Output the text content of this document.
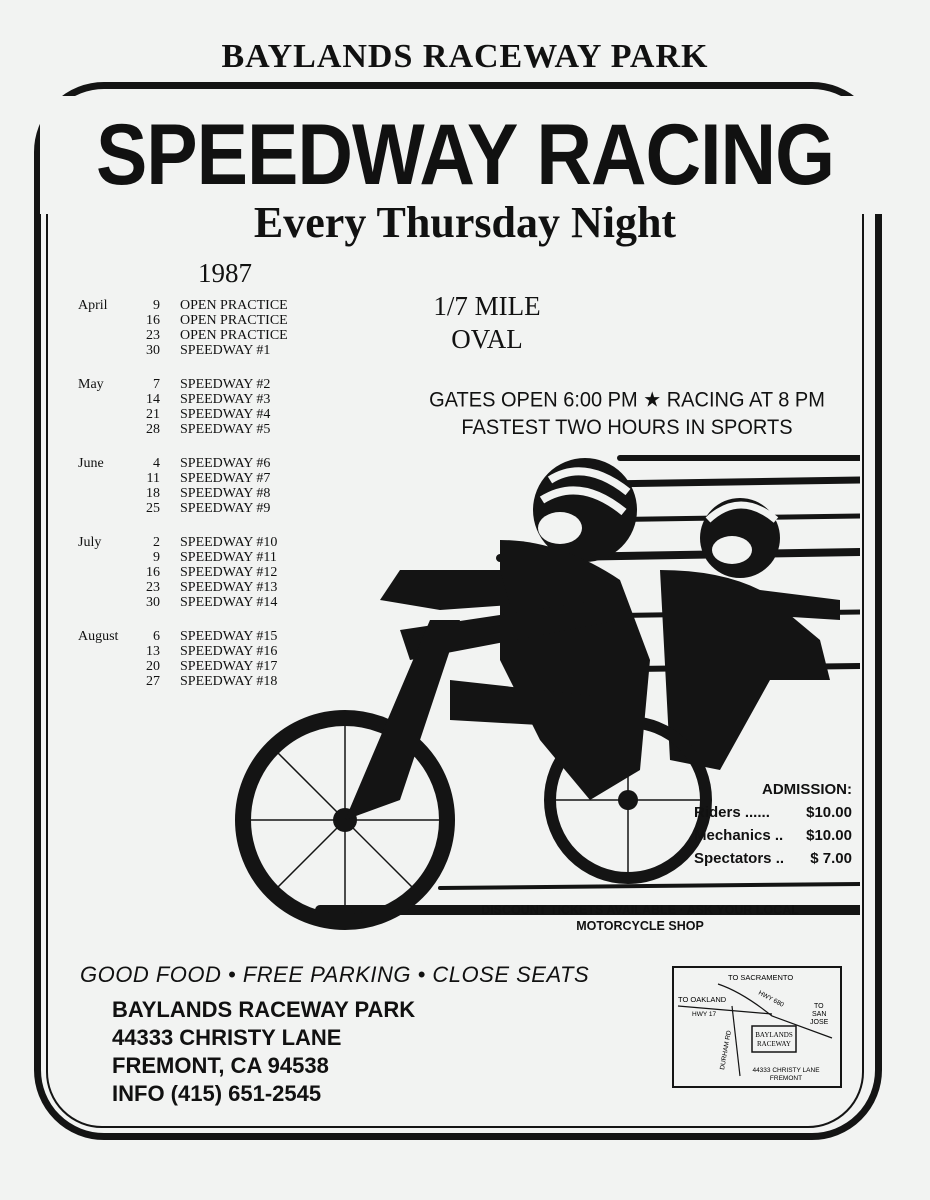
BAYLANDS RACEWAY PARK
SPEEDWAY RACING
Every Thursday Night
1987
April	9 OPEN PRACTICE
16 OPEN PRACTICE
23 OPEN PRACTICE
30 SPEEDWAY #1
May	7 SPEEDWAY #2
14 SPEEDWAY #3
21 SPEEDWAY #4
28 SPEEDWAY #5
June	4 SPEEDWAY #6
11 SPEEDWAY #7
18 SPEEDWAY #8
25 SPEEDWAY #9
July	2 SPEEDWAY #10
9 SPEEDWAY #11
16 SPEEDWAY #12
23 SPEEDWAY #13
30 SPEEDWAY #14
August	6 SPEEDWAY #15
13 SPEEDWAY #16
20 SPEEDWAY #17
27 SPEEDWAY #18
1/7 MILE
OVAL
GATES OPEN 6:00 PM ★ RACING AT 8 PM
FASTEST TWO HOURS IN SPORTS
ADMISSION:
Riders ...... $10.00
Mechanics .. $10.00
Spectators .. $ 7.00
DISCOUNT TICKETS AVAILABLE · ASK YOUR LOCAL
MOTORCYCLE SHOP
GOOD FOOD • FREE PARKING • CLOSE SEATS
BAYLANDS RACEWAY PARK
44333 CHRISTY LANE
FREMONT, CA 94538
INFO (415) 651-2545
TO SACRAMENTO
TO OAKLAND
TO
SAN
JOSE
HWY 680
HWY 17
DURHAM RD	BAYLANDS
RACEWAY
44333 CHRISTY LANE
FREMONT
